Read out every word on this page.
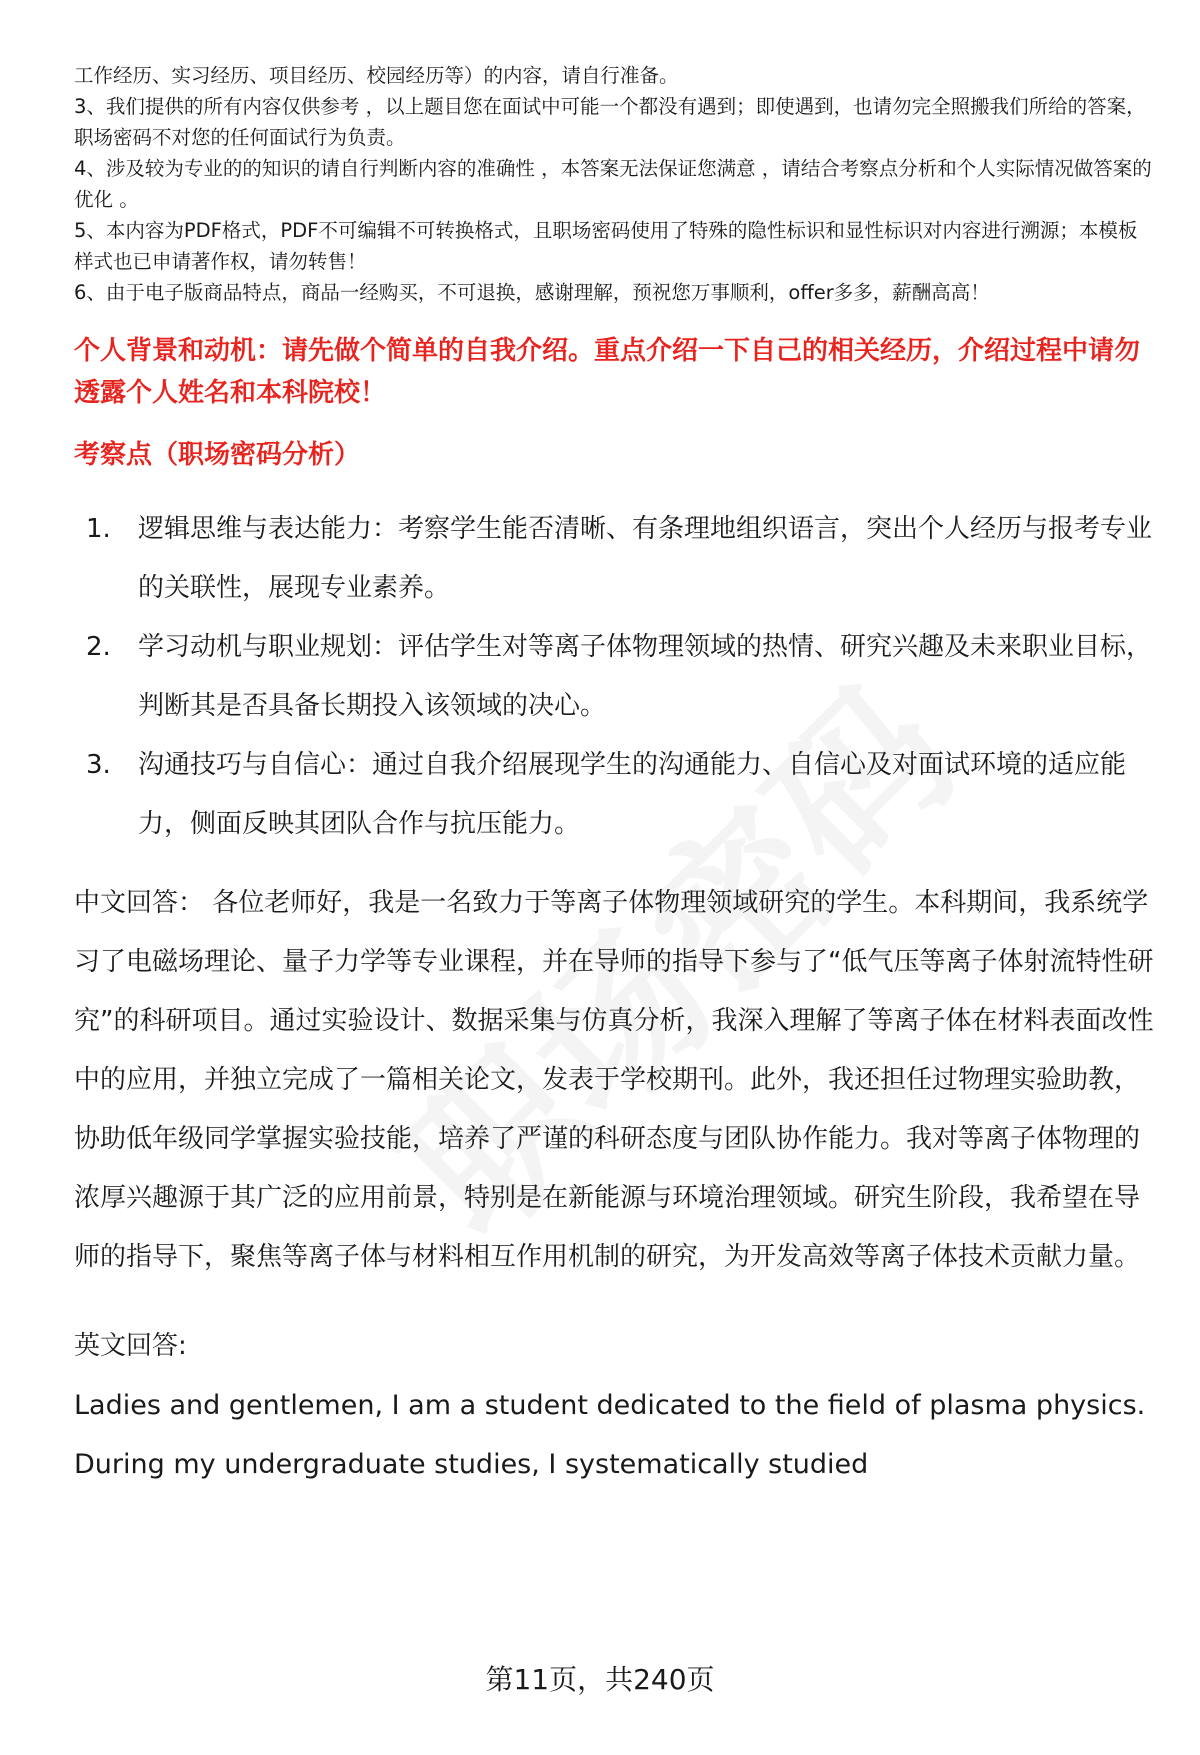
工作经历、实习经历、项目经历、校园经历等）的内容，请自行准备。

3、我们提供的所有内容仅供参考 ，以上题目您在面试中可能一个都没有遇到；即使遇到，也请勿完全照搬我们所给的答案，职场密码不对您的任何面试行为负责。

4、涉及较为专业的的知识的请自行判断内容的准确性 ，本答案无法保证您满意 ，请结合考察点分析和个人实际情况做答案的优化 。

5、本内容为PDF格式，PDF不可编辑不可转换格式，且职场密码使用了特殊的隐性标识和显性标识对内容进行溯源；本模板样式也已申请著作权，请勿转售！

6、由于电子版商品特点，商品一经购买，不可退换，感谢理解，预祝您万事顺利，offer多多，薪酬高高！

个人背景和动机：请先做个简单的自我介绍。重点介绍一下自己的相关经历，介绍过程中请勿透露个人姓名和本科院校！
考察点（职场密码分析）
1.	逻辑思维与表达能力：考察学生能否清晰、有条理地组织语言，突出个人经历与报考专业的关联性，展现专业素养。
2.	学习动机与职业规划：评估学生对等离子体物理领域的热情、研究兴趣及未来职业目标，判断其是否具备长期投入该领域的决心。
3.	沟通技巧与自信心：通过自我介绍展现学生的沟通能力、自信心及对面试环境的适应能力，侧面反映其团队合作与抗压能力。

中文回答： 各位老师好，我是一名致力于等离子体物理领域研究的学生。本科期间，我系统学习了电磁场理论、量子力学等专业课程，并在导师的指导下参与了“低气压等离子体射流特性研究”的科研项目。通过实验设计、数据采集与仿真分析，我深入理解了等离子体在材料表面改性中的应用，并独立完成了一篇相关论文，发表于学校期刊。此外，我还担任过物理实验助教，协助低年级同学掌握实验技能，培养了严谨的科研态度与团队协作能力。我对等离子体物理的浓厚兴趣源于其广泛的应用前景，特别是在新能源与环境治理领域。研究生阶段，我希望在导师的指导下，聚焦等离子体与材料相互作用机制的研究，为开发高效等离子体技术贡献力量。

英文回答:

Ladies and gentlemen, I am a student dedicated to the field of plasma physics. During my undergraduate studies, I systematically studied

第11页，共240页
